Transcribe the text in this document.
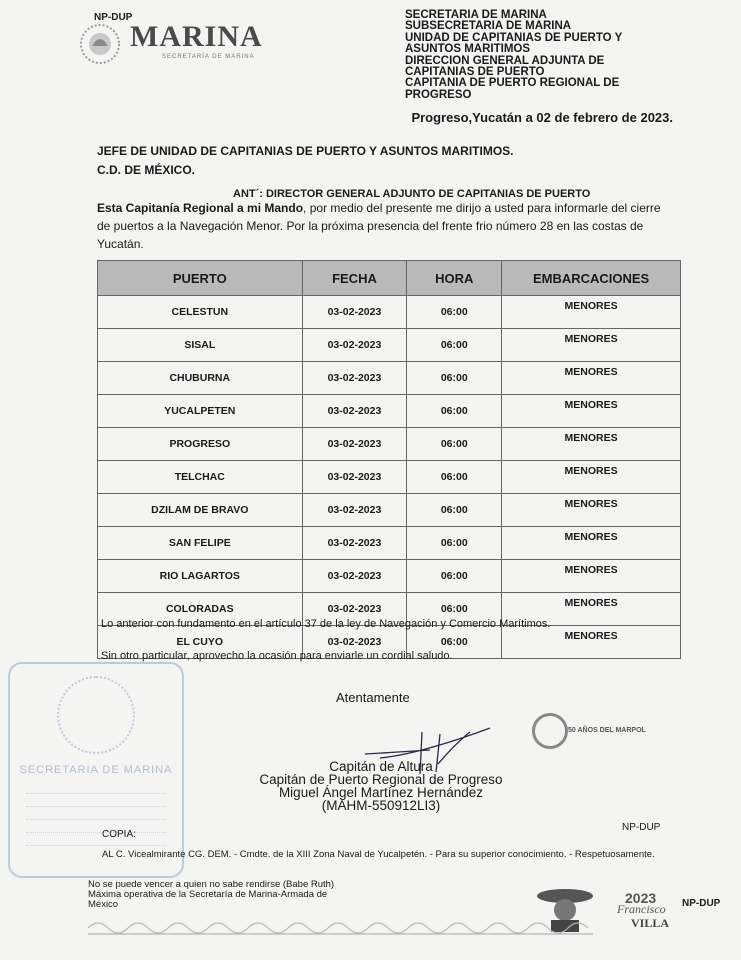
NP-DUP
MARINA
SECRETARÍA DE MARINA
SECRETARIA DE MARINA
SUBSECRETARIA DE MARINA
UNIDAD DE CAPITANIAS DE PUERTO Y
ASUNTOS MARITIMOS
DIRECCION GENERAL ADJUNTA DE
CAPITANIAS DE PUERTO
CAPITANIA DE PUERTO REGIONAL DE
PROGRESO
Progreso,Yucatán a 02 de febrero de 2023.
JEFE DE UNIDAD DE CAPITANIAS DE PUERTO Y ASUNTOS MARITIMOS.
C.D. DE MÉXICO.
ANT´: DIRECTOR GENERAL ADJUNTO DE CAPITANIAS DE PUERTO
Esta Capitanía Regional a mi Mando, por medio del presente me dirijo a usted para informarle del cierre de puertos a la Navegación Menor. Por la próxima presencia del frente frio número 28 en las costas de Yucatán.
PUERTO	FECHA	HORA	EMBARCACIONES
CELESTUN	03-02-2023	06:00	MENORES
SISAL	03-02-2023	06:00	MENORES
CHUBURNA	03-02-2023	06:00	MENORES
YUCALPETEN	03-02-2023	06:00	MENORES
PROGRESO	03-02-2023	06:00	MENORES
TELCHAC	03-02-2023	06:00	MENORES
DZILAM DE BRAVO	03-02-2023	06:00	MENORES
SAN FELIPE	03-02-2023	06:00	MENORES
RIO LAGARTOS	03-02-2023	06:00	MENORES
COLORADAS	03-02-2023	06:00	MENORES
EL CUYO	03-02-2023	06:00	MENORES
Lo anterior con fundamento en el artículo 37 de la ley de Navegación y Comercio Marítimos.
Sin otro particular, aprovecho la ocasión para enviarle un cordial saludo.
SECRETARIA DE MARINA
Atentamente
50 AÑOS DEL MARPOL
Capitán de Altura
Capitán de Puerto Regional de Progreso
Miguel Ángel Martínez Hernández
(MAHM-550912LI3)
NP-DUP
COPIA:
AL C. Vicealmirante CG. DEM. - Cmdte. de la XIII Zona Naval de Yucalpetén. - Para su superior conocimiento. - Respetuosamente.
No se puede vencer a quien no sabe rendirse (Babe Ruth)
Máxima operativa de la Secretaría de Marina-Armada de
México	2023
Francisco
VILLA
NP-DUP
